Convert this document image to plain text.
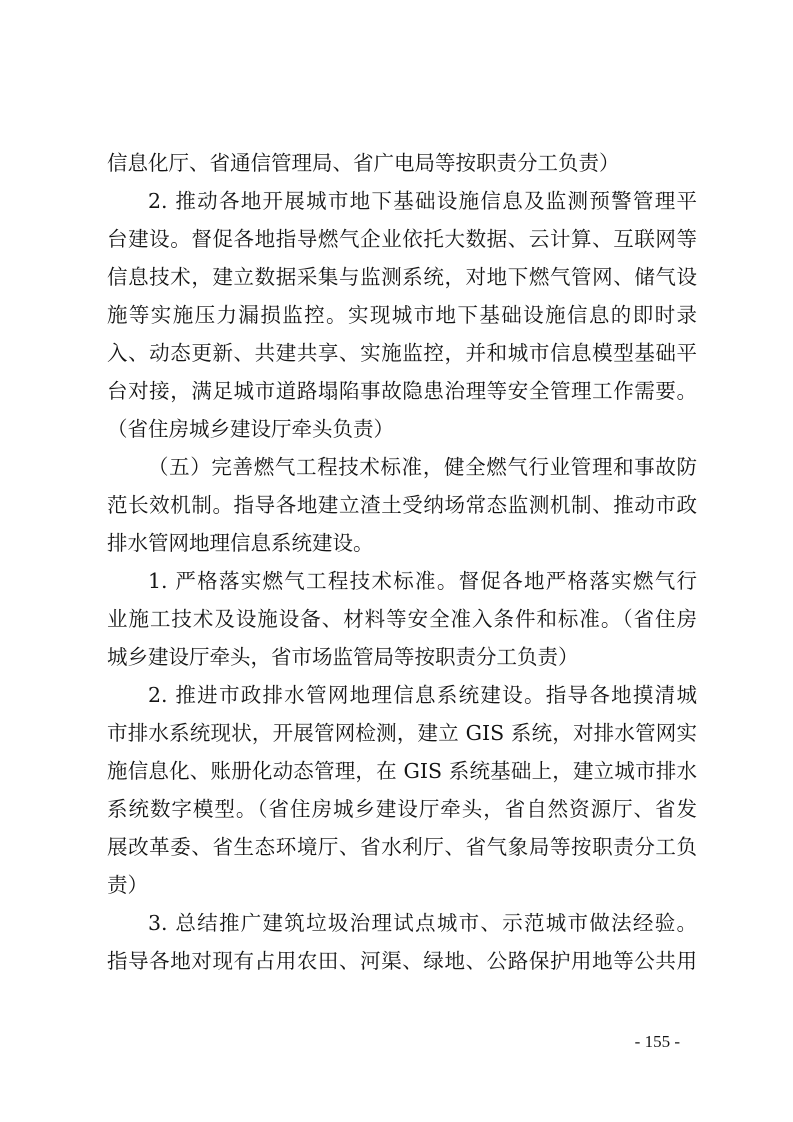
信息化厅、省通信管理局、省广电局等按职责分工负责）
2. 推动各地开展城市地下基础设施信息及监测预警管理平
台建设。督促各地指导燃气企业依托大数据、云计算、互联网等
信息技术，建立数据采集与监测系统，对地下燃气管网、储气设
施等实施压力漏损监控。实现城市地下基础设施信息的即时录
入、动态更新、共建共享、实施监控，并和城市信息模型基础平
台对接，满足城市道路塌陷事故隐患治理等安全管理工作需要。
（省住房城乡建设厅牵头负责）
（五）完善燃气工程技术标准，健全燃气行业管理和事故防
范长效机制。指导各地建立渣土受纳场常态监测机制、推动市政
排水管网地理信息系统建设。
1. 严格落实燃气工程技术标准。督促各地严格落实燃气行
业施工技术及设施设备、材料等安全准入条件和标准。（省住房
城乡建设厅牵头，省市场监管局等按职责分工负责）
2. 推进市政排水管网地理信息系统建设。指导各地摸清城
市排水系统现状，开展管网检测，建立 GIS 系统，对排水管网实
施信息化、账册化动态管理，在 GIS 系统基础上，建立城市排水
系统数字模型。（省住房城乡建设厅牵头，省自然资源厅、省发
展改革委、省生态环境厅、省水利厅、省气象局等按职责分工负
责）
3. 总结推广建筑垃圾治理试点城市、示范城市做法经验。
指导各地对现有占用农田、河渠、绿地、公路保护用地等公共用
- 155 -
